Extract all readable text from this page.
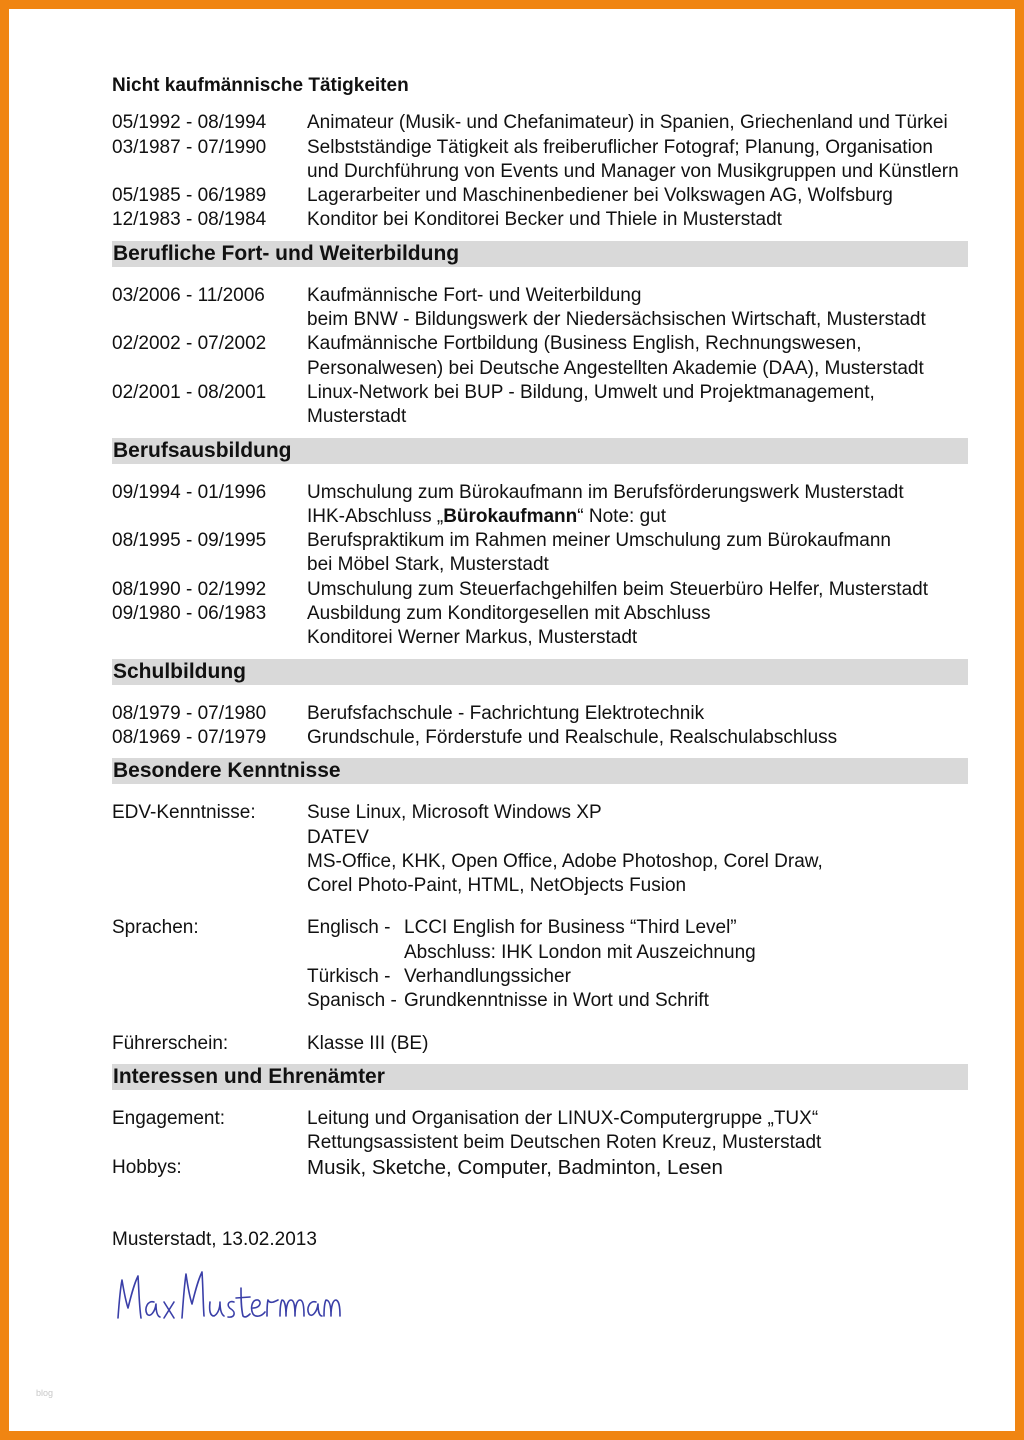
Nicht kaufmännische Tätigkeiten
05/1992 - 08/1994	Animateur (Musik- und Chefanimateur) in Spanien, Griechenland und Türkei
03/1987 - 07/1990	Selbstständige Tätigkeit als freiberuflicher Fotograf; Planung, Organisation
und Durchführung von Events und Manager von Musikgruppen und Künstlern
05/1985 - 06/1989	Lagerarbeiter und Maschinenbediener bei Volkswagen AG, Wolfsburg
12/1983 - 08/1984	Konditor bei Konditorei Becker und Thiele in Musterstadt
Berufliche Fort- und Weiterbildung
03/2006 - 11/2006	Kaufmännische Fort- und Weiterbildung
beim BNW - Bildungswerk der Niedersächsischen Wirtschaft, Musterstadt
02/2002 - 07/2002	Kaufmännische Fortbildung (Business English, Rechnungswesen,
Personalwesen) bei Deutsche Angestellten Akademie (DAA), Musterstadt
02/2001 - 08/2001	Linux-Network bei BUP - Bildung, Umwelt und Projektmanagement,
Musterstadt
Berufsausbildung
09/1994 - 01/1996	Umschulung zum Bürokaufmann im Berufsförderungswerk Musterstadt
IHK-Abschluss „Bürokaufmann“ Note: gut
08/1995 - 09/1995	Berufspraktikum im Rahmen meiner Umschulung zum Bürokaufmann
bei Möbel Stark, Musterstadt
08/1990 - 02/1992	Umschulung zum Steuerfachgehilfen beim Steuerbüro Helfer, Musterstadt
09/1980 - 06/1983	Ausbildung zum Konditorgesellen mit Abschluss
Konditorei Werner Markus, Musterstadt
Schulbildung
08/1979 - 07/1980	Berufsfachschule - Fachrichtung Elektrotechnik
08/1969 - 07/1979	Grundschule, Förderstufe und Realschule, Realschulabschluss
Besondere Kenntnisse
EDV-Kenntnisse:	Suse Linux, Microsoft Windows XP
DATEV
MS-Office, KHK, Open Office, Adobe Photoshop, Corel Draw,
Corel Photo-Paint, HTML, NetObjects Fusion
Sprachen:	Englisch - LCCI English for Business “Third Level”
Abschluss: IHK London mit Auszeichnung
Türkisch - Verhandlungssicher
Spanisch - Grundkenntnisse in Wort und Schrift
Führerschein:	Klasse III (BE)
Interessen und Ehrenämter
Engagement:	Leitung und Organisation der LINUX-Computergruppe „TUX“
Rettungsassistent beim Deutschen Roten Kreuz, Musterstadt
Hobbys:	Musik, Sketche, Computer, Badminton, Lesen
Musterstadt, 13.02.2013
blog
